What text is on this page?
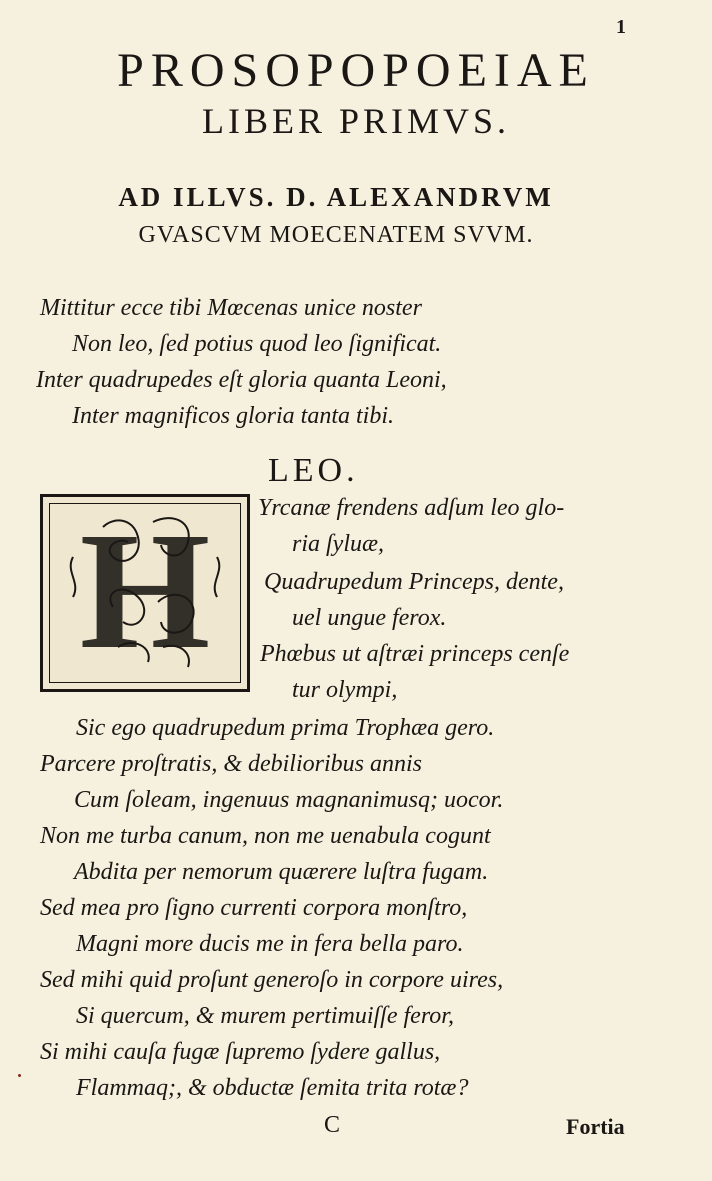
1
PROSOPOPOEIAE
LIBER PRIMVS.
AD ILLVS. D. ALEXANDRVM
GVASCVM MOECENATEM SVVM.
Mittitur ecce tibi Mœcenas unice noster
Non leo, ſed potius quod leo ſignificat.
Inter quadrupedes eſt gloria quanta Leoni,
Inter magnificos gloria tanta tibi.
LEO.
H	Yrcanæ frendens adſum leo glo-
ria ſyluæ,
Quadrupedum Princeps, dente,
uel ungue ferox.
Phœbus ut aſtræi princeps cenſe
tur olympi,
Sic ego quadrupedum prima Trophæa gero.
Parcere proſtratis, & debilioribus annis
Cum ſoleam, ingenuus magnanimusq; uocor.
Non me turba canum, non me uenabula cogunt
Abdita per nemorum quærere luſtra fugam.
Sed mea pro ſigno currenti corpora monſtro,
Magni more ducis me in fera bella paro.
Sed mihi quid proſunt generoſo in corpore uires,
Si quercum, & murem pertimuiſſe feror,
Si mihi cauſa fugæ ſupremo ſydere gallus,
Flammaq;, & obductæ ſemita trita rotæ?
C	Fortia
